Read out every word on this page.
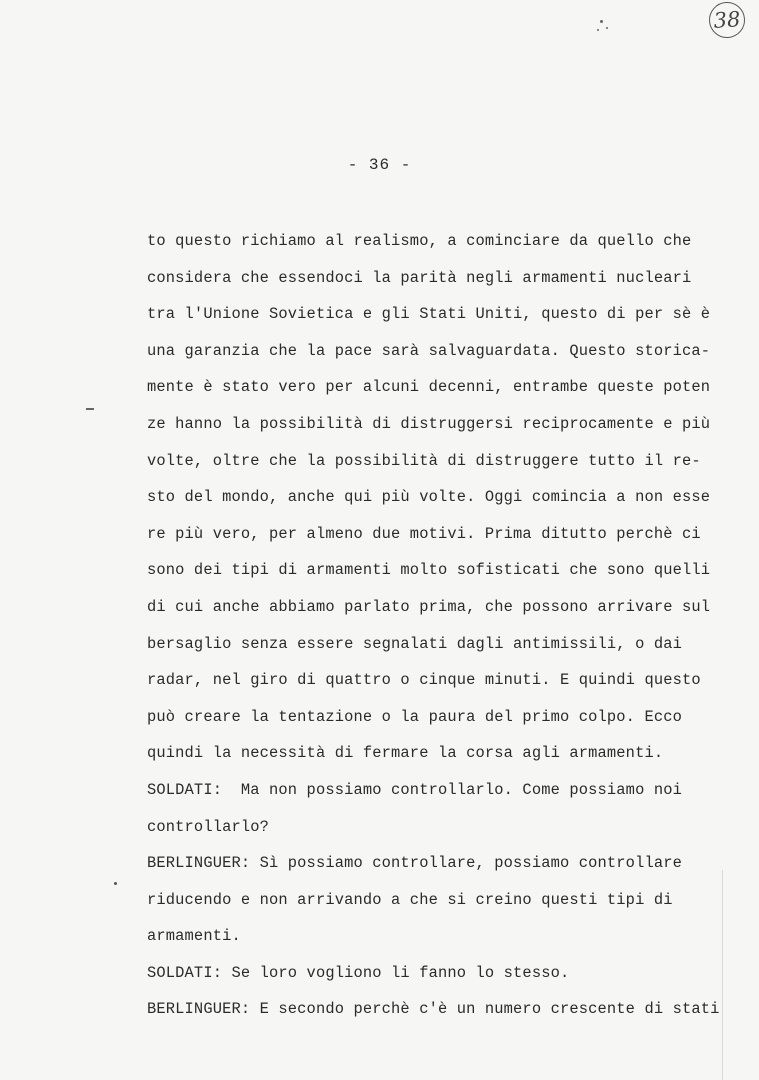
38
- 36 -
to questo richiamo al realismo, a cominciare da quello che
considera che essendoci la parità negli armamenti nucleari
tra l'Unione Sovietica e gli Stati Uniti, questo di per sè è
una garanzia che la pace sarà salvaguardata. Questo storica-
mente è stato vero per alcuni decenni, entrambe queste poten
ze hanno la possibilità di distruggersi reciprocamente e più
volte, oltre che la possibilità di distruggere tutto il re-
sto del mondo, anche qui più volte. Oggi comincia a non esse
re più vero, per almeno due motivi. Prima ditutto perchè ci
sono dei tipi di armamenti molto sofisticati che sono quelli
di cui anche abbiamo parlato prima, che possono arrivare sul
bersaglio senza essere segnalati dagli antimissili, o dai
radar, nel giro di quattro o cinque minuti. E quindi questo
può creare la tentazione o la paura del primo colpo. Ecco
quindi la necessità di fermare la corsa agli armamenti.
SOLDATI:  Ma non possiamo controllarlo. Come possiamo noi
controllarlo?
BERLINGUER: Sì possiamo controllare, possiamo controllare
riducendo e non arrivando a che si creino questi tipi di
armamenti.
SOLDATI: Se loro vogliono li fanno lo stesso.
BERLINGUER: E secondo perchè c'è un numero crescente di stati
